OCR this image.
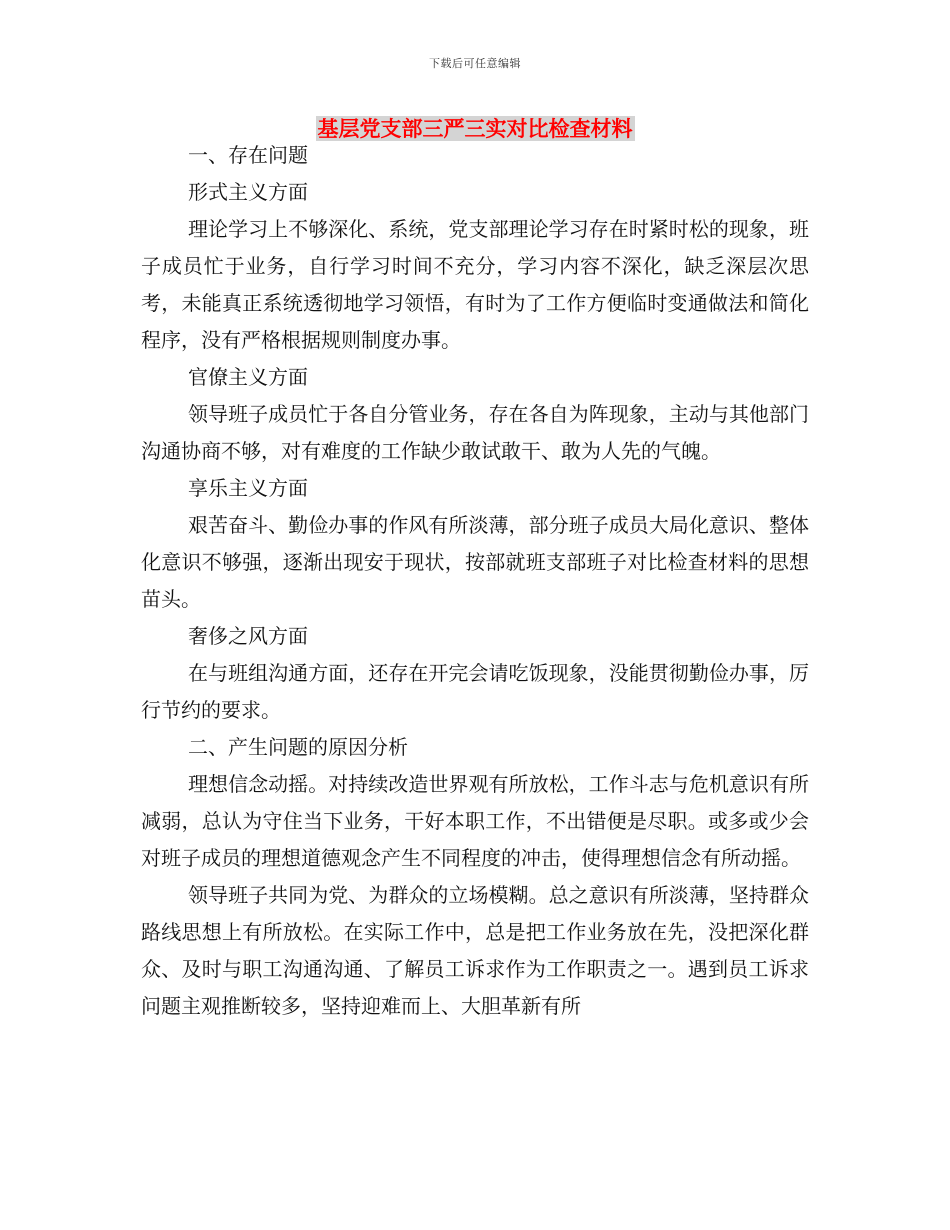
下载后可任意编辑
基层党支部三严三实对比检查材料

一、存在问题

形式主义方面

理论学习上不够深化、系统，党支部理论学习存在时紧时松的现象，班子成员忙于业务，自行学习时间不充分，学习内容不深化，缺乏深层次思考，未能真正系统透彻地学习领悟，有时为了工作方便临时变通做法和简化程序，没有严格根据规则制度办事。

官僚主义方面

领导班子成员忙于各自分管业务，存在各自为阵现象，主动与其他部门沟通协商不够，对有难度的工作缺少敢试敢干、敢为人先的气魄。

享乐主义方面

艰苦奋斗、勤俭办事的作风有所淡薄，部分班子成员大局化意识、整体化意识不够强，逐渐出现安于现状，按部就班支部班子对比检查材料的思想苗头。

奢侈之风方面

在与班组沟通方面，还存在开完会请吃饭现象，没能贯彻勤俭办事，厉行节约的要求。

二、产生问题的原因分析

理想信念动摇。对持续改造世界观有所放松，工作斗志与危机意识有所减弱，总认为守住当下业务，干好本职工作，不出错便是尽职。或多或少会对班子成员的理想道德观念产生不同程度的冲击，使得理想信念有所动摇。

领导班子共同为党、为群众的立场模糊。总之意识有所淡薄，坚持群众路线思想上有所放松。在实际工作中，总是把工作业务放在先，没把深化群众、及时与职工沟通沟通、了解员工诉求作为工作职责之一。遇到员工诉求问题主观推断较多，坚持迎难而上、大胆革新有所
